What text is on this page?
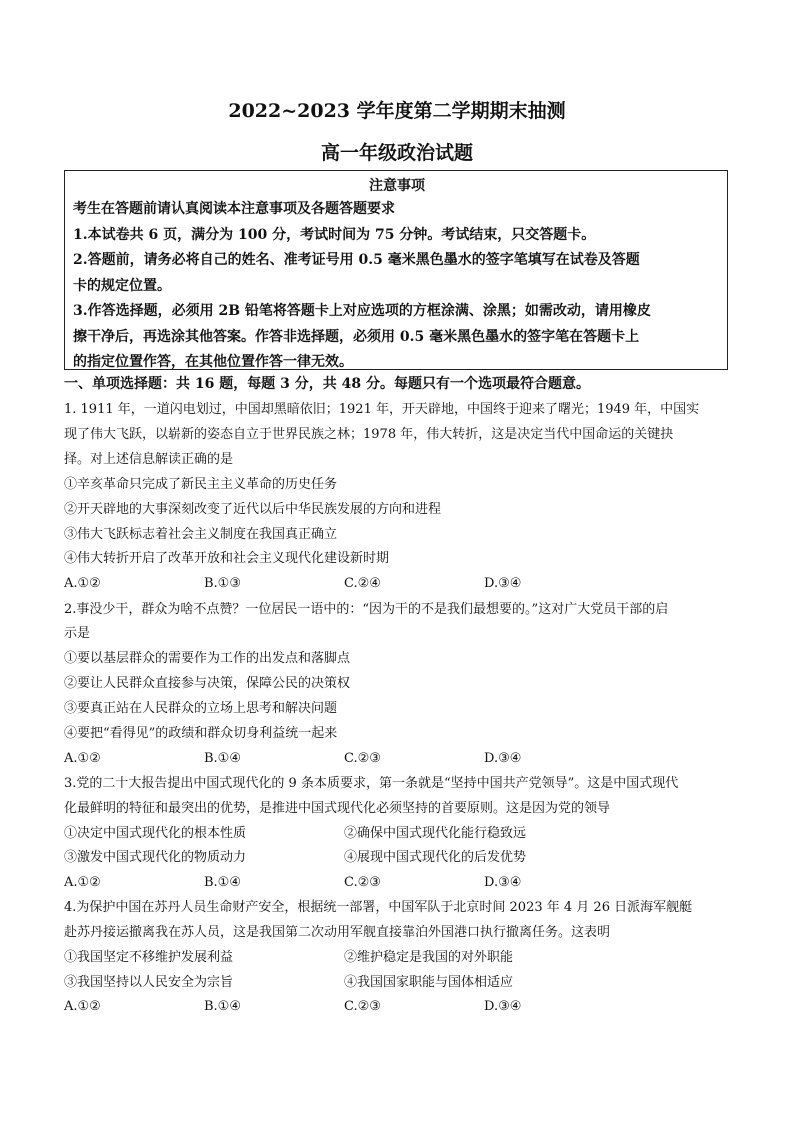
2022~2023 学年度第二学期期末抽测
高一年级政治试题
注意事项
考生在答题前请认真阅读本注意事项及各题答题要求
1.本试卷共 6 页，满分为 100 分，考试时间为 75 分钟。考试结束，只交答题卡。
2.答题前，请务必将自己的姓名、准考证号用 0.5 毫米黑色墨水的签字笔填写在试卷及答题
卡的规定位置。
3.作答选择题，必须用 2B 铅笔将答题卡上对应选项的方框涂满、涂黑；如需改动，请用橡皮
擦干净后，再选涂其他答案。作答非选择题，必须用 0.5 毫米黑色墨水的签字笔在答题卡上
的指定位置作答，在其他位置作答一律无效。
一、单项选择题：共 16 题，每题 3 分，共 48 分。每题只有一个选项最符合题意。
1. 1911 年，一道闪电划过，中国却黑暗依旧；1921 年，开天辟地，中国终于迎来了曙光；1949 年，中国实
现了伟大飞跃，以崭新的姿态自立于世界民族之林；1978 年，伟大转折，这是决定当代中国命运的关键抉
择。对上述信息解读正确的是
①辛亥革命只完成了新民主主义革命的历史任务
②开天辟地的大事深刻改变了近代以后中华民族发展的方向和进程
③伟大飞跃标志着社会主义制度在我国真正确立
④伟大转折开启了改革开放和社会主义现代化建设新时期
A.①②	B.①③	C.②④	D.③④
2.事没少干，群众为啥不点赞？一位居民一语中的：“因为干的不是我们最想要的。”这对广大党员干部的启
示是
①要以基层群众的需要作为工作的出发点和落脚点
②要让人民群众直接参与决策，保障公民的决策权
③要真正站在人民群众的立场上思考和解决问题
④要把“看得见”的政绩和群众切身利益统一起来
A.①②	B.①④	C.②③	D.③④
3.党的二十大报告提出中国式现代化的 9 条本质要求，第一条就是“坚持中国共产党领导”。这是中国式现代
化最鲜明的特征和最突出的优势，是推进中国式现代化必须坚持的首要原则。这是因为党的领导
①决定中国式现代化的根本性质	②确保中国式现代化能行稳致远
③激发中国式现代化的物质动力	④展现中国式现代化的后发优势
A.①②	B.①④	C.②③	D.③④
4.为保护中国在苏丹人员生命财产安全，根据统一部署，中国军队于北京时间 2023 年 4 月 26 日派海军舰艇
赴苏丹接运撤离我在苏人员，这是我国第二次动用军舰直接靠泊外国港口执行撤离任务。这表明
①我国坚定不移维护发展利益	②维护稳定是我国的对外职能
③我国坚持以人民安全为宗旨	④我国国家职能与国体相适应
A.①②	B.①④	C.②③	D.③④
